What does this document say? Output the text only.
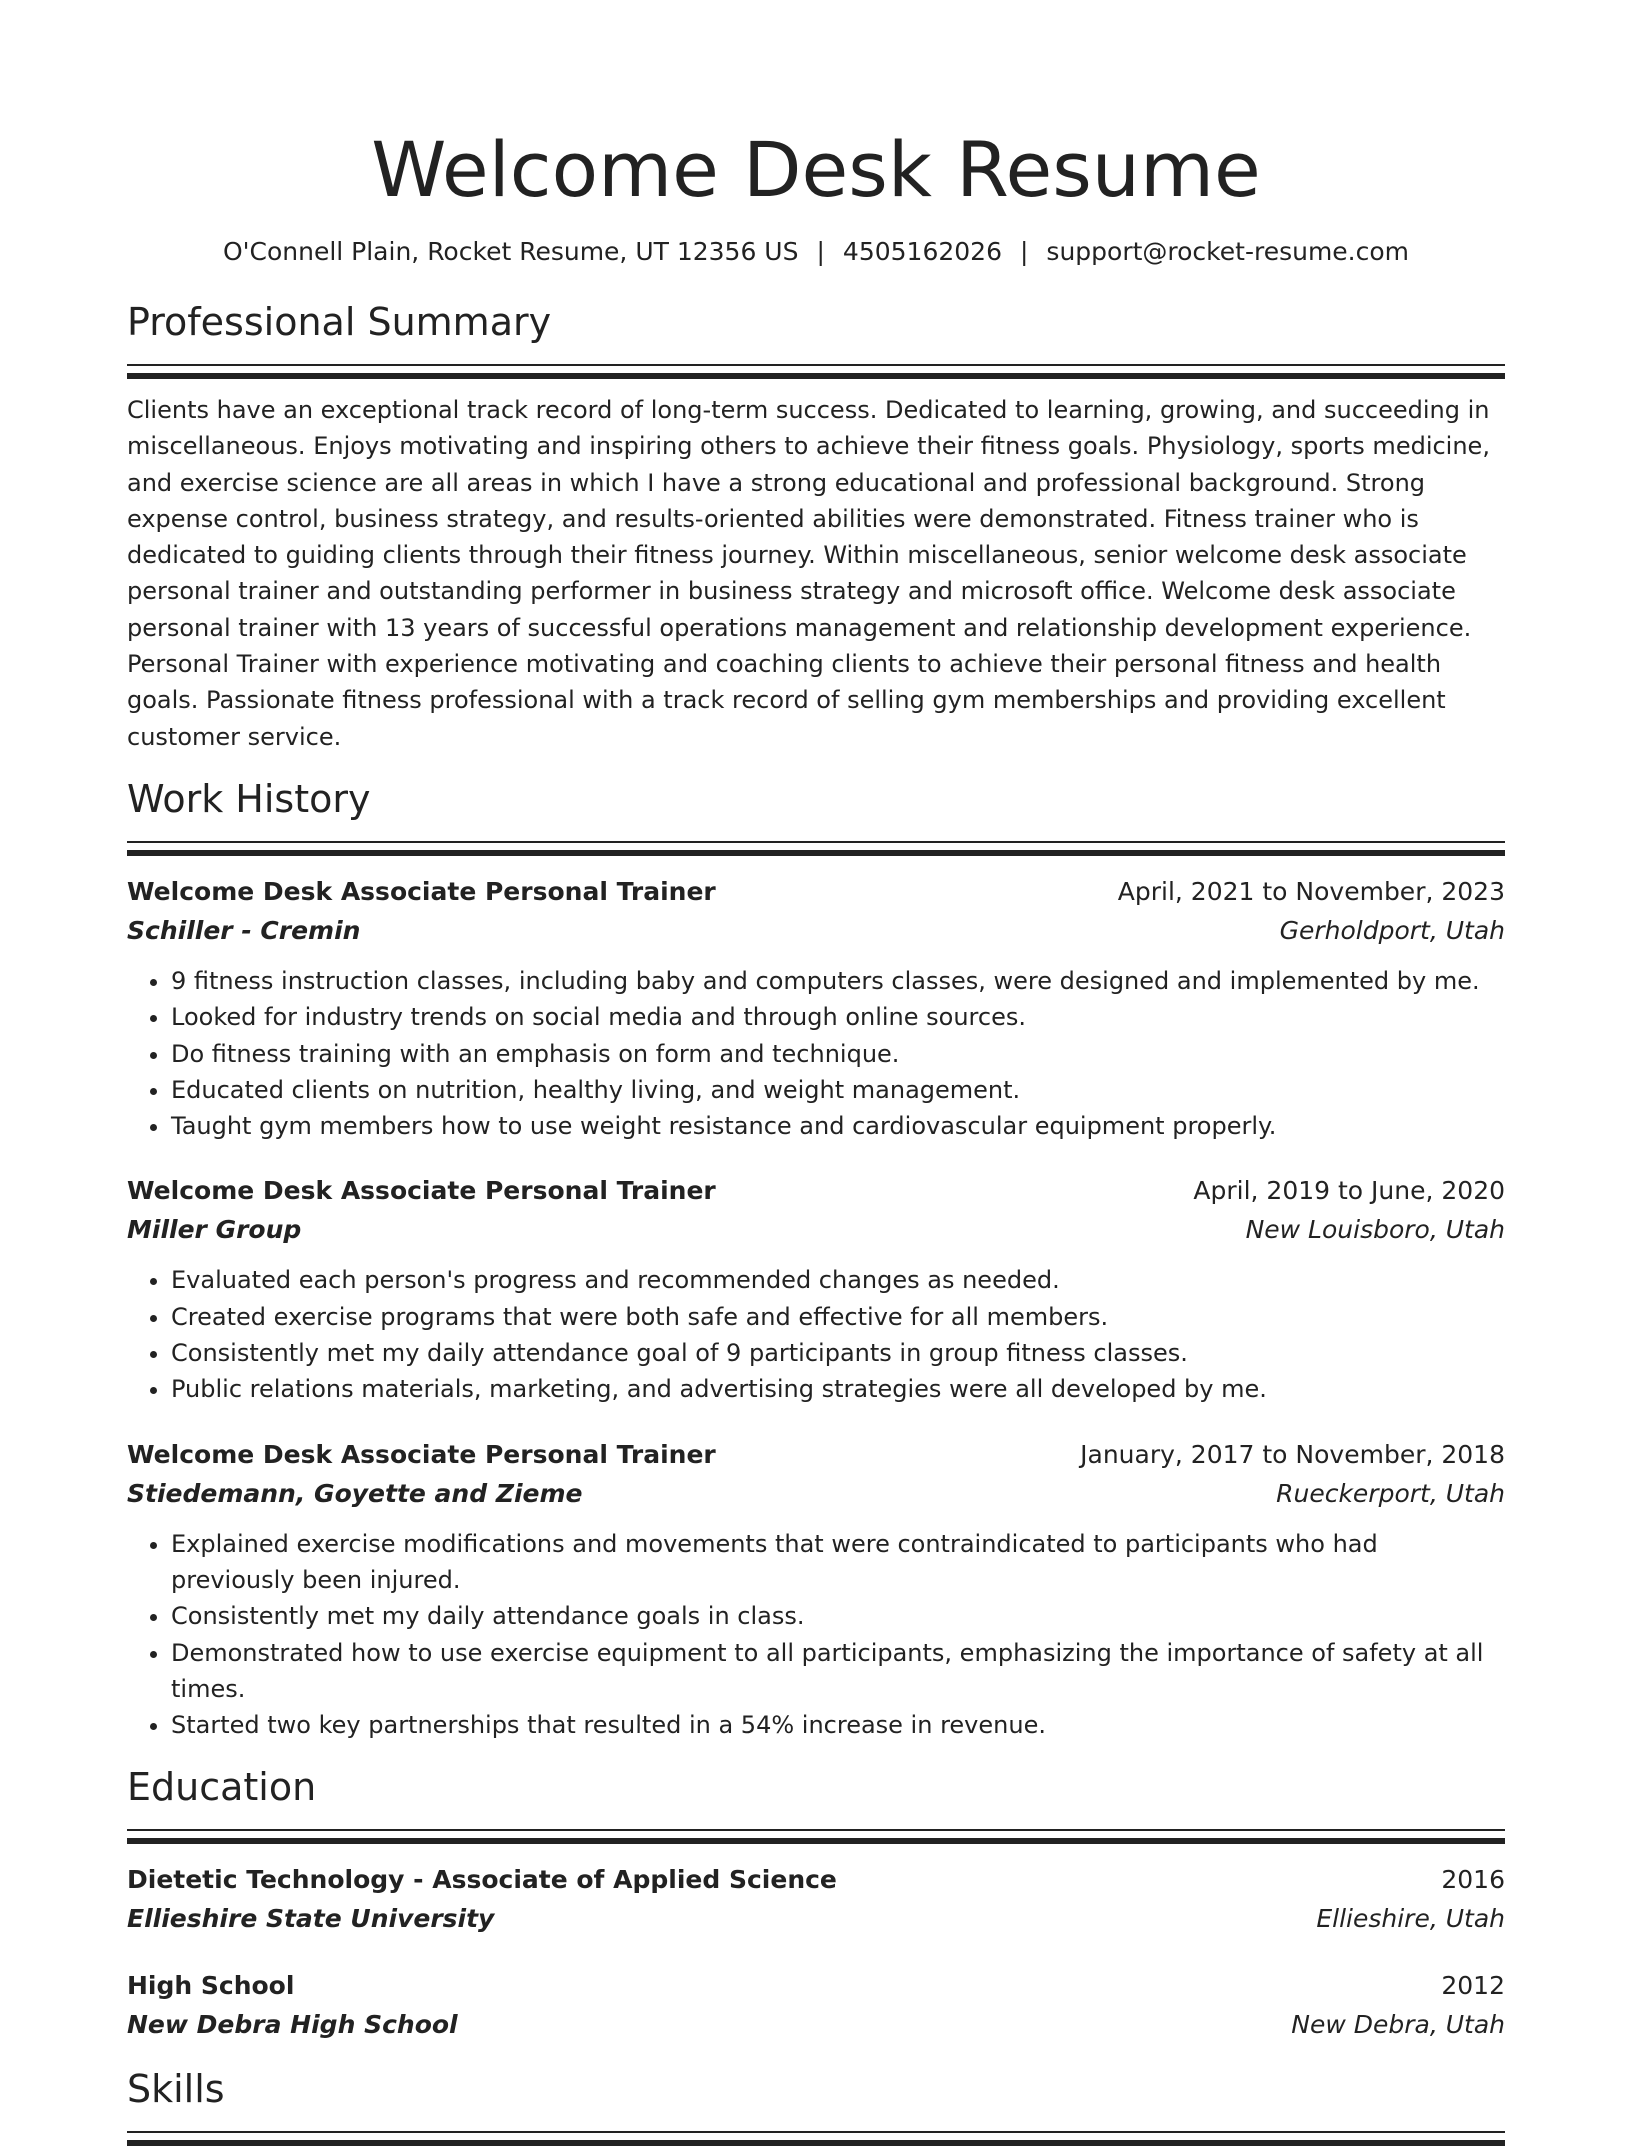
Welcome Desk Resume
O'Connell Plain, Rocket Resume, UT 12356 US | 4505162026 | support@rocket-resume.com
Professional Summary
Clients have an exceptional track record of long-term success. Dedicated to learning, growing, and succeeding in miscellaneous. Enjoys motivating and inspiring others to achieve their fitness goals. Physiology, sports medicine, and exercise science are all areas in which I have a strong educational and professional background. Strong expense control, business strategy, and results-oriented abilities were demonstrated. Fitness trainer who is dedicated to guiding clients through their fitness journey. Within miscellaneous, senior welcome desk associate personal trainer and outstanding performer in business strategy and microsoft office. Welcome desk associate personal trainer with 13 years of successful operations management and relationship development experience. Personal Trainer with experience motivating and coaching clients to achieve their personal fitness and health goals. Passionate fitness professional with a track record of selling gym memberships and providing excellent customer service.
Work History
Welcome Desk Associate Personal Trainer	April, 2021 to November, 2023
Schiller - Cremin	Gerholdport, Utah
• 9 fitness instruction classes, including baby and computers classes, were designed and implemented by me.
• Looked for industry trends on social media and through online sources.
• Do fitness training with an emphasis on form and technique.
• Educated clients on nutrition, healthy living, and weight management.
• Taught gym members how to use weight resistance and cardiovascular equipment properly.
Welcome Desk Associate Personal Trainer	April, 2019 to June, 2020
Miller Group	New Louisboro, Utah
• Evaluated each person's progress and recommended changes as needed.
• Created exercise programs that were both safe and effective for all members.
• Consistently met my daily attendance goal of 9 participants in group fitness classes.
• Public relations materials, marketing, and advertising strategies were all developed by me.
Welcome Desk Associate Personal Trainer	January, 2017 to November, 2018
Stiedemann, Goyette and Zieme	Rueckerport, Utah
• Explained exercise modifications and movements that were contraindicated to participants who had previously been injured.
• Consistently met my daily attendance goals in class.
• Demonstrated how to use exercise equipment to all participants, emphasizing the importance of safety at all times.
• Started two key partnerships that resulted in a 54% increase in revenue.
Education
Dietetic Technology - Associate of Applied Science	2016
Ellieshire State University	Ellieshire, Utah
High School	2012
New Debra High School	New Debra, Utah
Skills
